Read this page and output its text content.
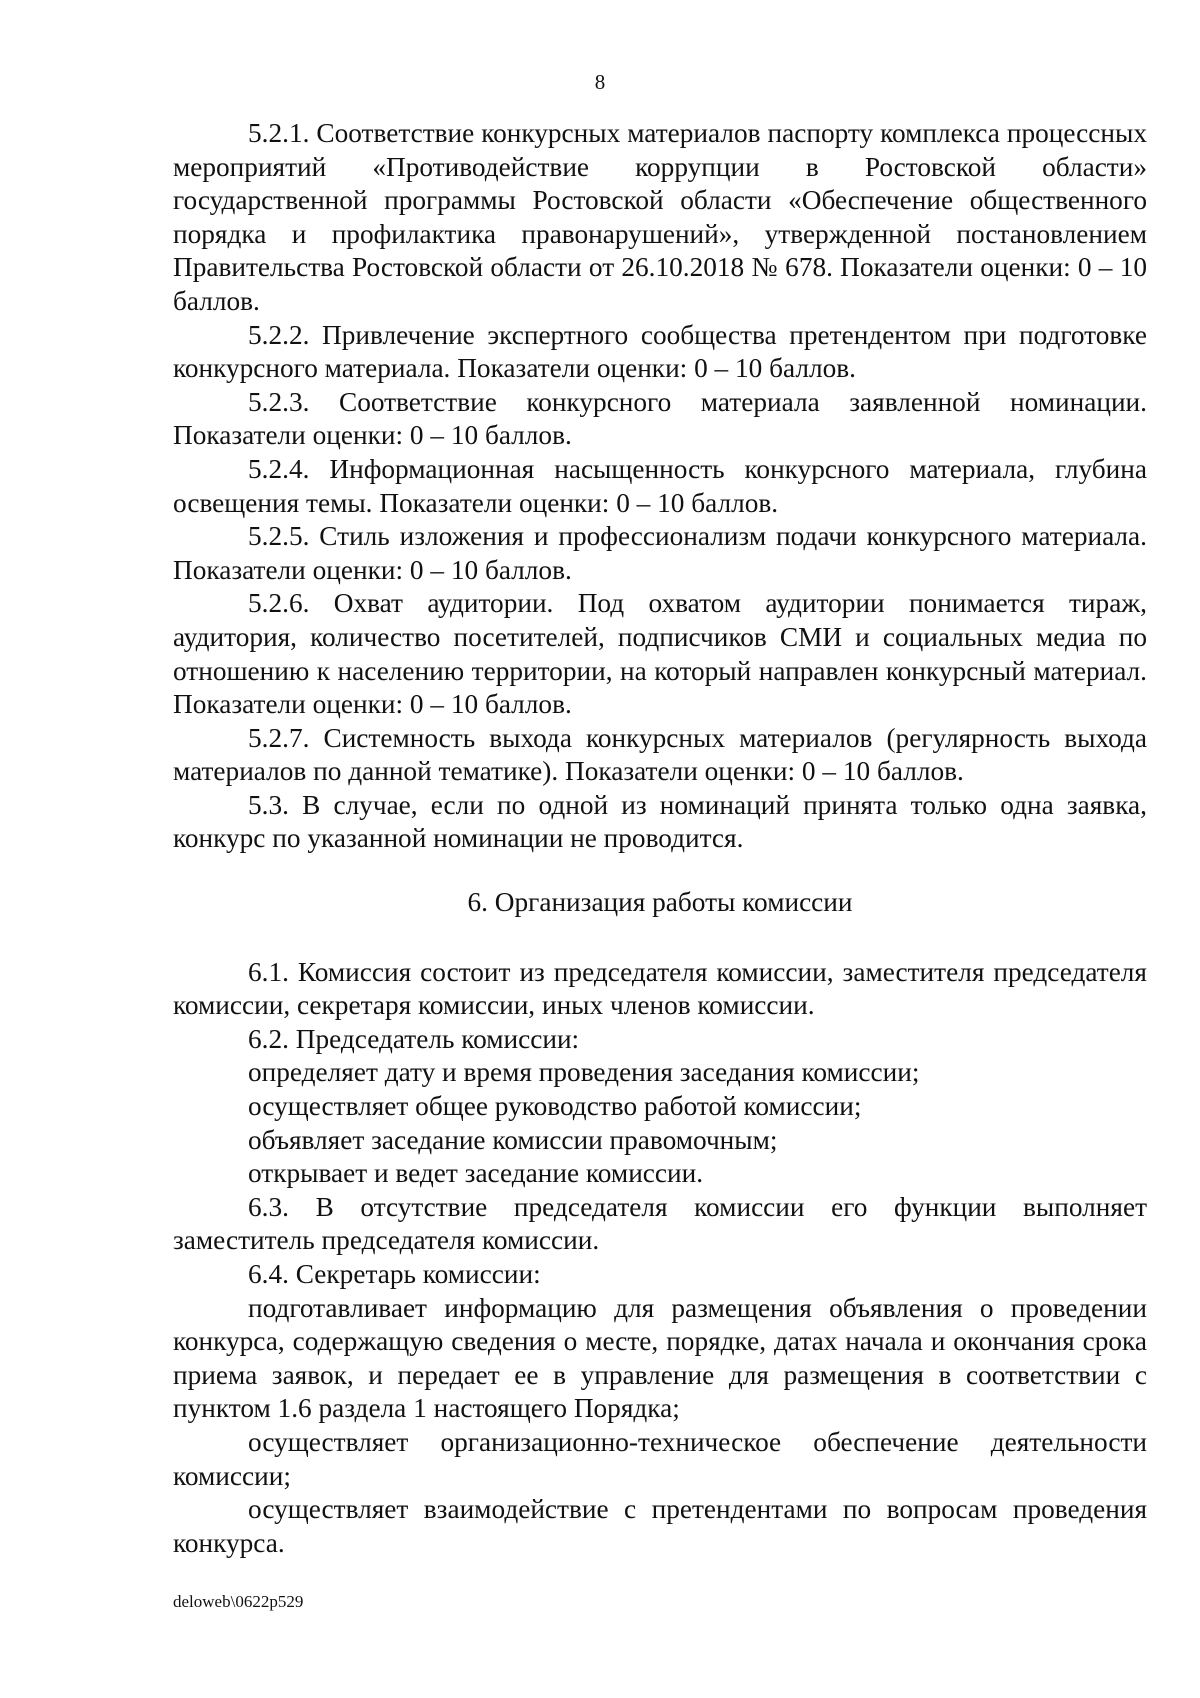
8

5.2.1. Соответствие конкурсных материалов паспорту комплекса процессных мероприятий «Противодействие коррупции в Ростовской области» государственной программы Ростовской области «Обеспечение общественного порядка и профилактика правонарушений», утвержденной постановлением Правительства Ростовской области от 26.10.2018 № 678. Показатели оценки: 0 – 10 баллов.

5.2.2. Привлечение экспертного сообщества претендентом при подготовке конкурсного материала. Показатели оценки: 0 – 10 баллов.

5.2.3. Соответствие конкурсного материала заявленной номинации. Показатели оценки: 0 – 10 баллов.

5.2.4. Информационная насыщенность конкурсного материала, глубина освещения темы. Показатели оценки: 0 – 10 баллов.

5.2.5. Стиль изложения и профессионализм подачи конкурсного материала. Показатели оценки: 0 – 10 баллов.

5.2.6. Охват аудитории. Под охватом аудитории понимается тираж, аудитория, количество посетителей, подписчиков СМИ и социальных медиа по отношению к населению территории, на который направлен конкурсный материал. Показатели оценки: 0 – 10 баллов.

5.2.7. Системность выхода конкурсных материалов (регулярность выхода материалов по данной тематике). Показатели оценки: 0 – 10 баллов.

5.3. В случае, если по одной из номинаций принята только одна заявка, конкурс по указанной номинации не проводится.

6. Организация работы комиссии

6.1. Комиссия состоит из председателя комиссии, заместителя председателя комиссии, секретаря комиссии, иных членов комиссии.

6.2. Председатель комиссии:

определяет дату и время проведения заседания комиссии;

осуществляет общее руководство работой комиссии;

объявляет заседание комиссии правомочным;

открывает и ведет заседание комиссии.

6.3. В отсутствие председателя комиссии его функции выполняет заместитель председателя комиссии.

6.4. Секретарь комиссии:

подготавливает информацию для размещения объявления о проведении конкурса, содержащую сведения о месте, порядке, датах начала и окончания срока приема заявок, и передает ее в управление для размещения в соответствии с пунктом 1.6 раздела 1 настоящего Порядка;

осуществляет организационно-техническое обеспечение деятельности комиссии;

осуществляет взаимодействие с претендентами по вопросам проведения конкурса.

deloweb\0622p529
